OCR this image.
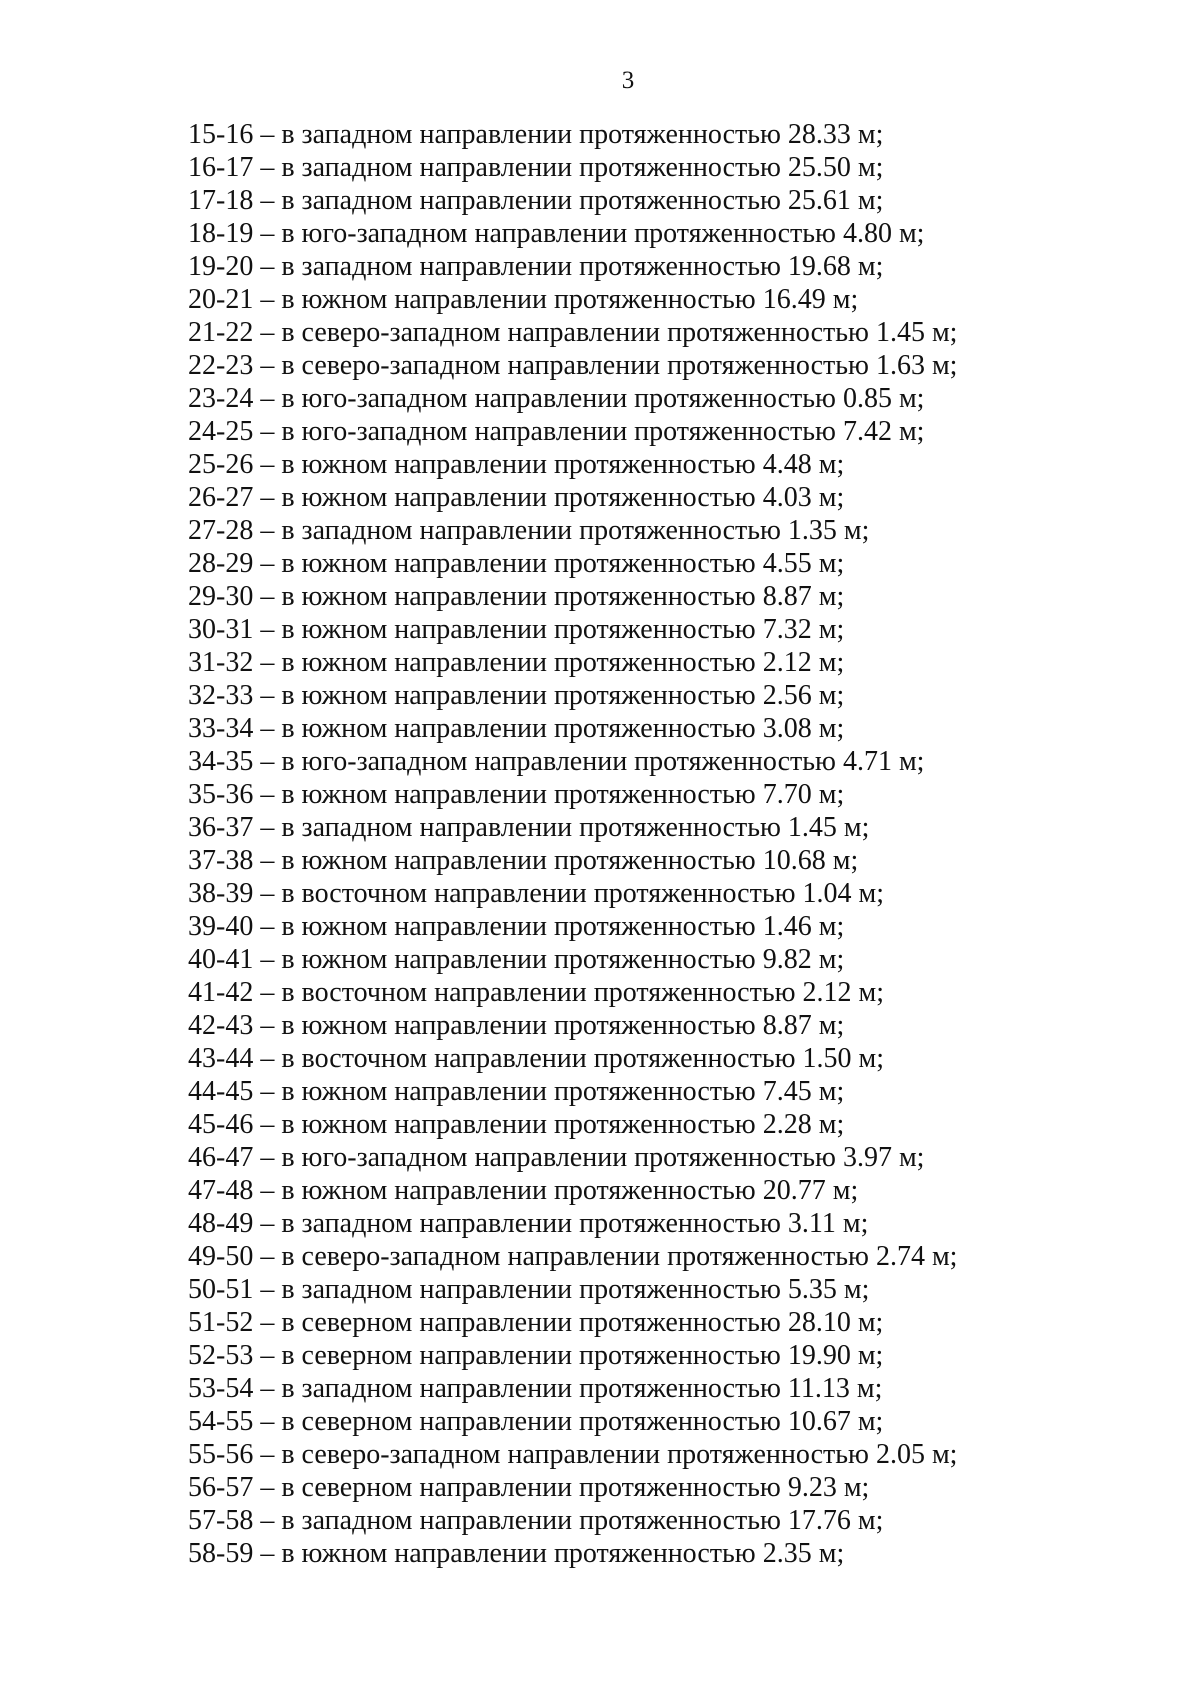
3
15-16 – в западном направлении протяженностью 28.33 м;
16-17 – в западном направлении протяженностью 25.50 м;
17-18 – в западном направлении протяженностью 25.61 м;
18-19 – в юго-западном направлении протяженностью 4.80 м;
19-20 – в западном направлении протяженностью 19.68 м;
20-21 – в южном направлении протяженностью 16.49 м;
21-22 – в северо-западном направлении протяженностью 1.45 м;
22-23 – в северо-западном направлении протяженностью 1.63 м;
23-24 – в юго-западном направлении протяженностью 0.85 м;
24-25 – в юго-западном направлении протяженностью 7.42 м;
25-26 – в южном направлении протяженностью 4.48 м;
26-27 – в южном направлении протяженностью 4.03 м;
27-28 – в западном направлении протяженностью 1.35 м;
28-29 – в южном направлении протяженностью 4.55 м;
29-30 – в южном направлении протяженностью 8.87 м;
30-31 – в южном направлении протяженностью 7.32 м;
31-32 – в южном направлении протяженностью 2.12 м;
32-33 – в южном направлении протяженностью 2.56 м;
33-34 – в южном направлении протяженностью 3.08 м;
34-35 – в юго-западном направлении протяженностью 4.71 м;
35-36 – в южном направлении протяженностью 7.70 м;
36-37 – в западном направлении протяженностью 1.45 м;
37-38 – в южном направлении протяженностью 10.68 м;
38-39 – в восточном направлении протяженностью 1.04 м;
39-40 – в южном направлении протяженностью 1.46 м;
40-41 – в южном направлении протяженностью 9.82 м;
41-42 – в восточном направлении протяженностью 2.12 м;
42-43 – в южном направлении протяженностью 8.87 м;
43-44 – в восточном направлении протяженностью 1.50 м;
44-45 – в южном направлении протяженностью 7.45 м;
45-46 – в южном направлении протяженностью 2.28 м;
46-47 – в юго-западном направлении протяженностью 3.97 м;
47-48 – в южном направлении протяженностью 20.77 м;
48-49 – в западном направлении протяженностью 3.11 м;
49-50 – в северо-западном направлении протяженностью 2.74 м;
50-51 – в западном направлении протяженностью 5.35 м;
51-52 – в северном направлении протяженностью 28.10 м;
52-53 – в северном направлении протяженностью 19.90 м;
53-54 – в западном направлении протяженностью 11.13 м;
54-55 – в северном направлении протяженностью 10.67 м;
55-56 – в северо-западном направлении протяженностью 2.05 м;
56-57 – в северном направлении протяженностью 9.23 м;
57-58 – в западном направлении протяженностью 17.76 м;
58-59 – в южном направлении протяженностью 2.35 м;
